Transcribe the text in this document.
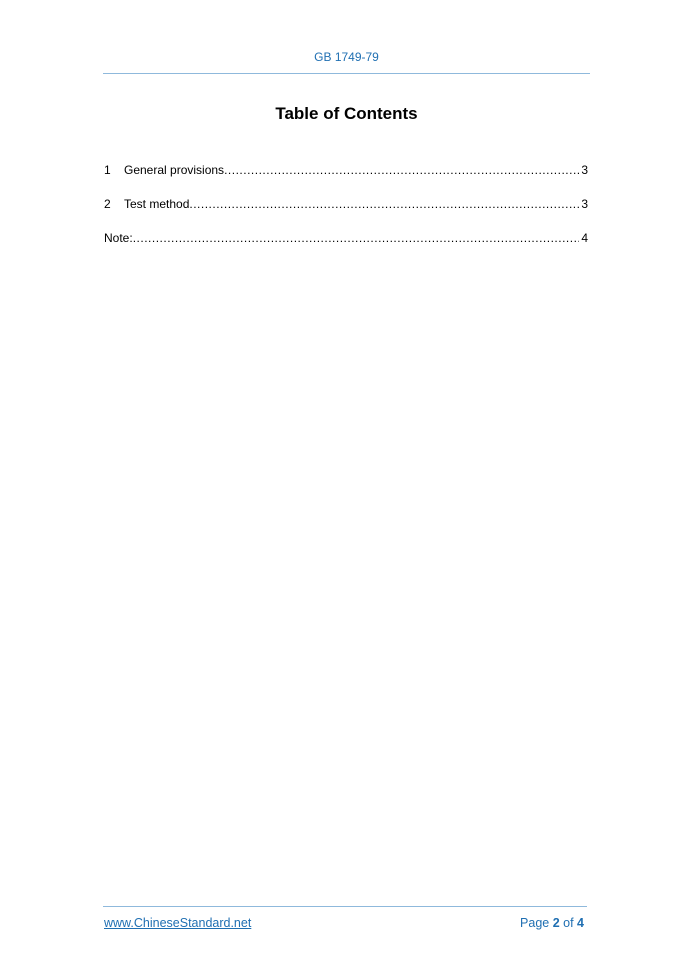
GB 1749-79
Table of Contents
1	General provisions .....	3
2	Test method .....	3
Note: .....	4
www.ChineseStandard.net	Page 2 of 4
